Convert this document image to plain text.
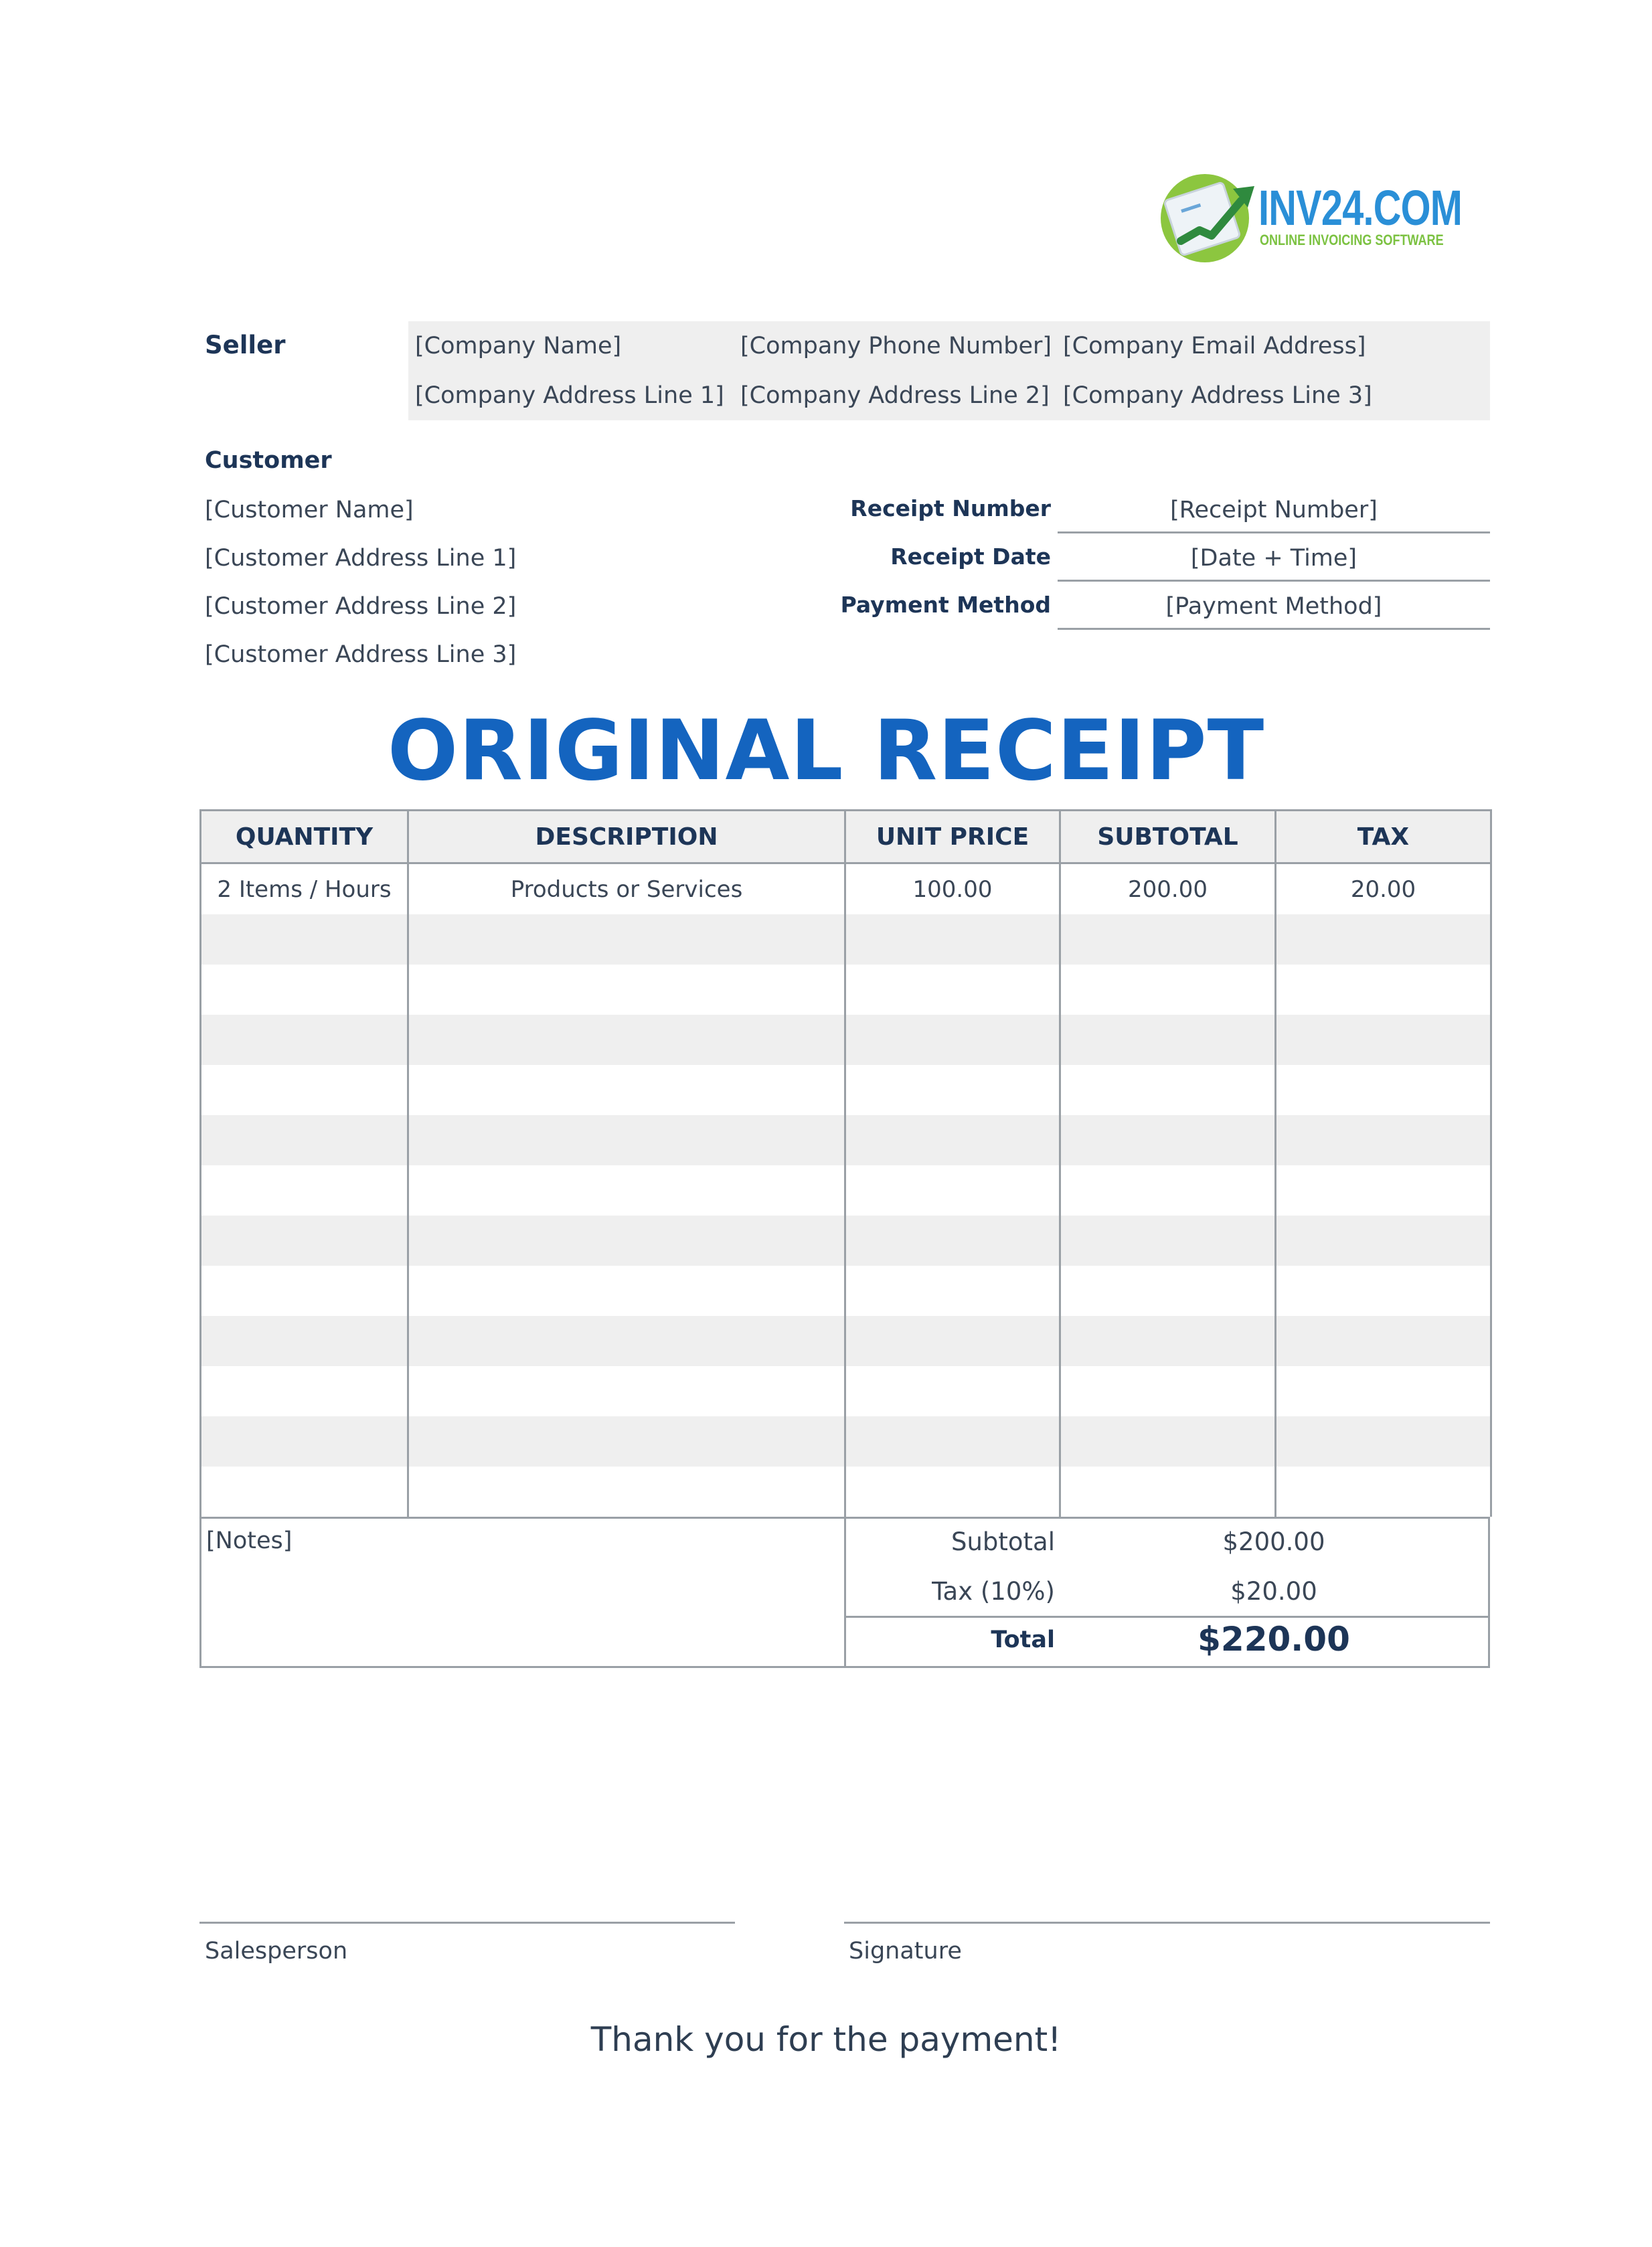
INV24.COM
ONLINE INVOICING SOFTWARE
Seller	[Company Name]	[Company Phone Number] [Company Email Address]
[Company Address Line 1] [Company Address Line 2] [Company Address Line 3]
Customer
[Customer Name]
[Customer Address Line 1]
[Customer Address Line 2]
[Customer Address Line 3]
Receipt Number	[Receipt Number]
Receipt Date	[Date + Time]
Payment Method	[Payment Method]
ORIGINAL RECEIPT
QUANTITY	DESCRIPTION	UNIT PRICE	SUBTOTAL	TAX
2 Items / Hours	Products or Services	100.00	200.00	20.00

[Notes]	Subtotal	$200.00
Tax (10%)	$20.00
Total	$220.00
Salesperson	Signature
Thank you for the payment!
